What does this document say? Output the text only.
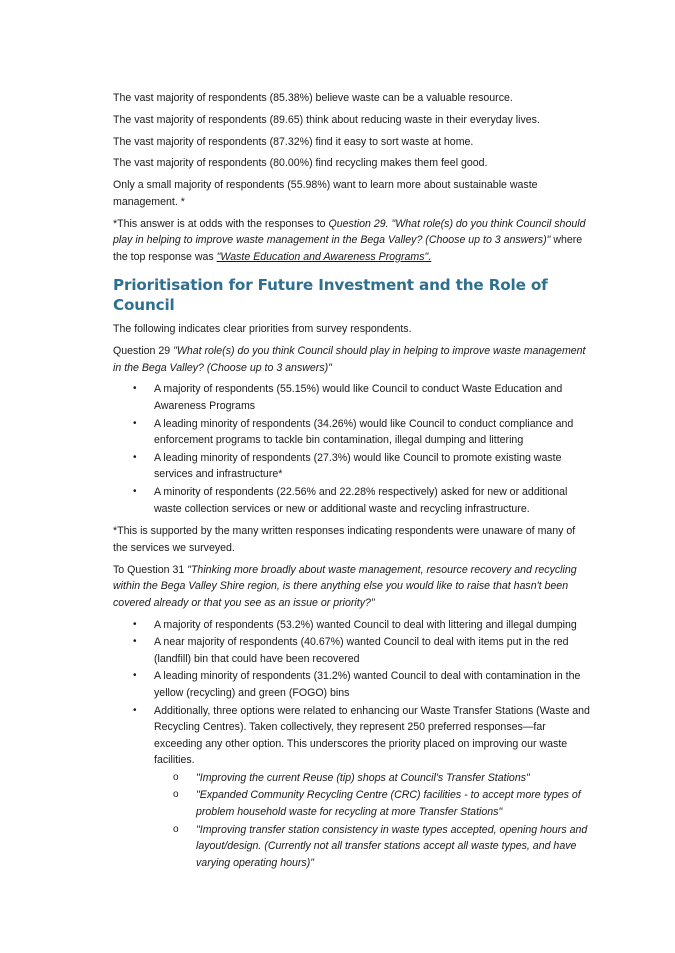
The vast majority of respondents (85.38%) believe waste can be a valuable resource.

The vast majority of respondents (89.65) think about reducing waste in their everyday lives.

The vast majority of respondents (87.32%) find it easy to sort waste at home.

The vast majority of respondents (80.00%) find recycling makes them feel good.

Only a small majority of respondents (55.98%) want to learn more about sustainable waste management. *

*This answer is at odds with the responses to Question 29. "What role(s) do you think Council should play in helping to improve waste management in the Bega Valley? (Choose up to 3 answers)" where the top response was "Waste Education and Awareness Programs".

Prioritisation for Future Investment and the Role of Council

The following indicates clear priorities from survey respondents.

Question 29 "What role(s) do you think Council should play in helping to improve waste management in the Bega Valley? (Choose up to 3 answers)"

• A majority of respondents (55.15%) would like Council to conduct Waste Education and Awareness Programs
• A leading minority of respondents (34.26%) would like Council to conduct compliance and enforcement programs to tackle bin contamination, illegal dumping and littering
• A leading minority of respondents (27.3%) would like Council to promote existing waste services and infrastructure*
• A minority of respondents (22.56% and 22.28% respectively) asked for new or additional waste collection services or new or additional waste and recycling infrastructure.

*This is supported by the many written responses indicating respondents were unaware of many of the services we surveyed.

To Question 31 "Thinking more broadly about waste management, resource recovery and recycling within the Bega Valley Shire region, is there anything else you would like to raise that hasn't been covered already or that you see as an issue or priority?"

• A majority of respondents (53.2%) wanted Council to deal with littering and illegal dumping
• A near majority of respondents (40.67%) wanted Council to deal with items put in the red (landfill) bin that could have been recovered
• A leading minority of respondents (31.2%) wanted Council to deal with contamination in the yellow (recycling) and green (FOGO) bins
• Additionally, three options were related to enhancing our Waste Transfer Stations (Waste and Recycling Centres). Taken collectively, they represent 250 preferred responses—far exceeding any other option. This underscores the priority placed on improving our waste facilities.
o "Improving the current Reuse (tip) shops at Council's Transfer Stations"
o "Expanded Community Recycling Centre (CRC) facilities - to accept more types of problem household waste for recycling at more Transfer Stations"
o "Improving transfer station consistency in waste types accepted, opening hours and layout/design. (Currently not all transfer stations accept all waste types, and have varying operating hours)"
